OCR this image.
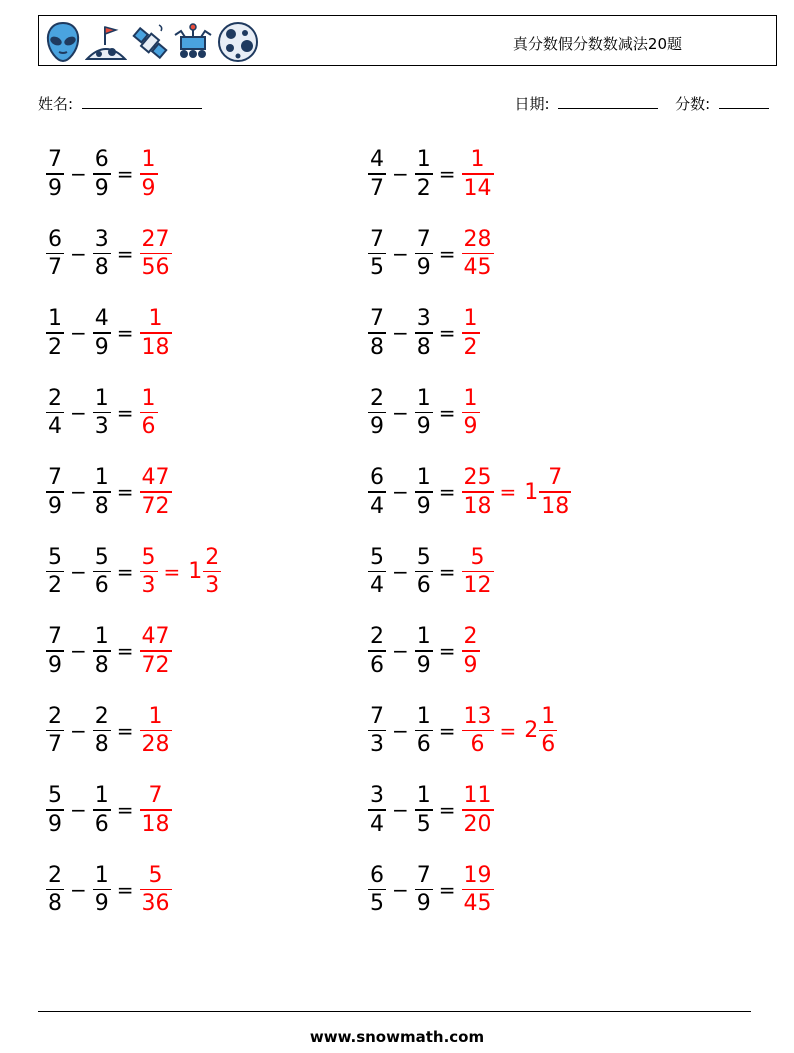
真分数假分数数减法20题
姓名:	日期:	分数:
$\frac{7}{9} - \frac{6}{9} = \frac{1}{9}$	$\frac{4}{7} - \frac{1}{2} = \frac{1}{14}$
$\frac{6}{7} - \frac{3}{8} = \frac{27}{56}$	$\frac{7}{5} - \frac{7}{9} = \frac{28}{45}$
$\frac{1}{2} - \frac{4}{9} = \frac{1}{18}$	$\frac{7}{8} - \frac{3}{8} = \frac{1}{2}$
$\frac{2}{4} - \frac{1}{3} = \frac{1}{6}$	$\frac{2}{9} - \frac{1}{9} = \frac{1}{9}$
$\frac{7}{9} - \frac{1}{8} = \frac{47}{72}$	$\frac{6}{4} - \frac{1}{9} = \frac{25}{18} = 1 \frac{7}{18}$
$\frac{5}{2} - \frac{5}{6} = \frac{5}{3} = 1 \frac{2}{3}$	$\frac{5}{4} - \frac{5}{6} = \frac{5}{12}$
$\frac{7}{9} - \frac{1}{8} = \frac{47}{72}$	$\frac{2}{6} - \frac{1}{9} = \frac{2}{9}$
$\frac{2}{7} - \frac{2}{8} = \frac{1}{28}$	$\frac{7}{3} - \frac{1}{6} = \frac{13}{6} = 2 \frac{1}{6}$
$\frac{5}{9} - \frac{1}{6} = \frac{7}{18}$	$\frac{3}{4} - \frac{1}{5} = \frac{11}{20}$
$\frac{2}{8} - \frac{1}{9} = \frac{5}{36}$	$\frac{6}{5} - \frac{7}{9} = \frac{19}{45}$
www.snowmath.com
